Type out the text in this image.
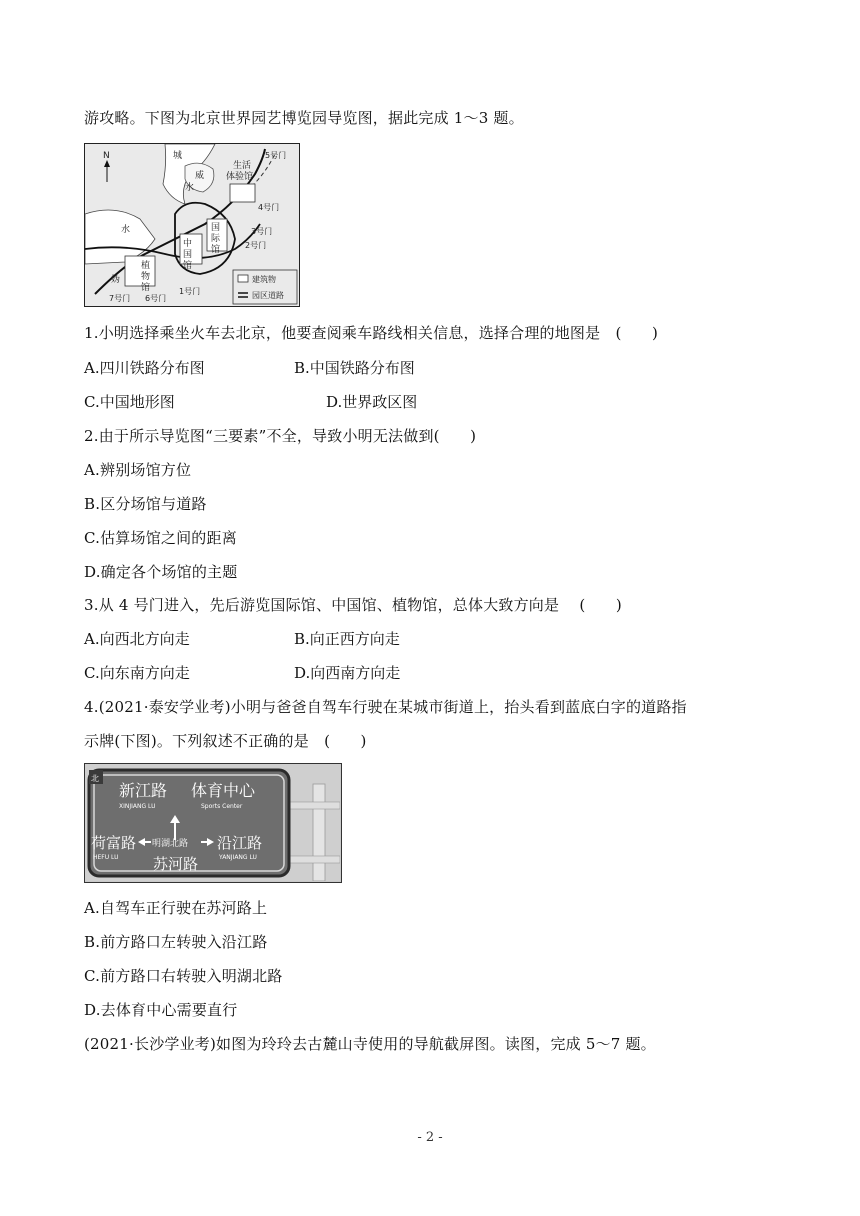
游攻略。下图为北京世界园艺博览园导览图，据此完成 1～3 题。
N	城
威
水
生活
体验馆
5号门
4号门
3号门
2号门
国
际
馆
中
国
馆
植
物
馆
妫
水
7号门 6号门
1号门
建筑物
园区道路
1.小明选择乘坐火车去北京，他要查阅乘车路线相关信息，选择合理的地图是　(　　)
A.四川铁路分布图	B.中国铁路分布图
C.中国地形图	D.世界政区图
2.由于所示导览图“三要素”不全，导致小明无法做到(　　)
A.辨别场馆方位
B.区分场馆与道路
C.估算场馆之间的距离
D.确定各个场馆的主题
3.从 4 号门进入，先后游览国际馆、中国馆、植物馆，总体大致方向是　 (　　)
A.向西北方向走	B.向正西方向走
C.向东南方向走	D.向西南方向走
4.(2021·泰安学业考)小明与爸爸自驾车行驶在某城市街道上，抬头看到蓝底白字的道路指
示牌(下图)。下列叙述不正确的是　(　　)
北
新江路
XINJIANG LU
体育中心
Sports Center
荷富路
HEFU LU
明湖北路 沿江路
YANJIANG LU
苏河路
A.自驾车正行驶在苏河路上
B.前方路口左转驶入沿江路
C.前方路口右转驶入明湖北路
D.去体育中心需要直行
(2021·长沙学业考)如图为玲玲去古麓山寺使用的导航截屏图。读图，完成 5～7 题。
- 2 -
